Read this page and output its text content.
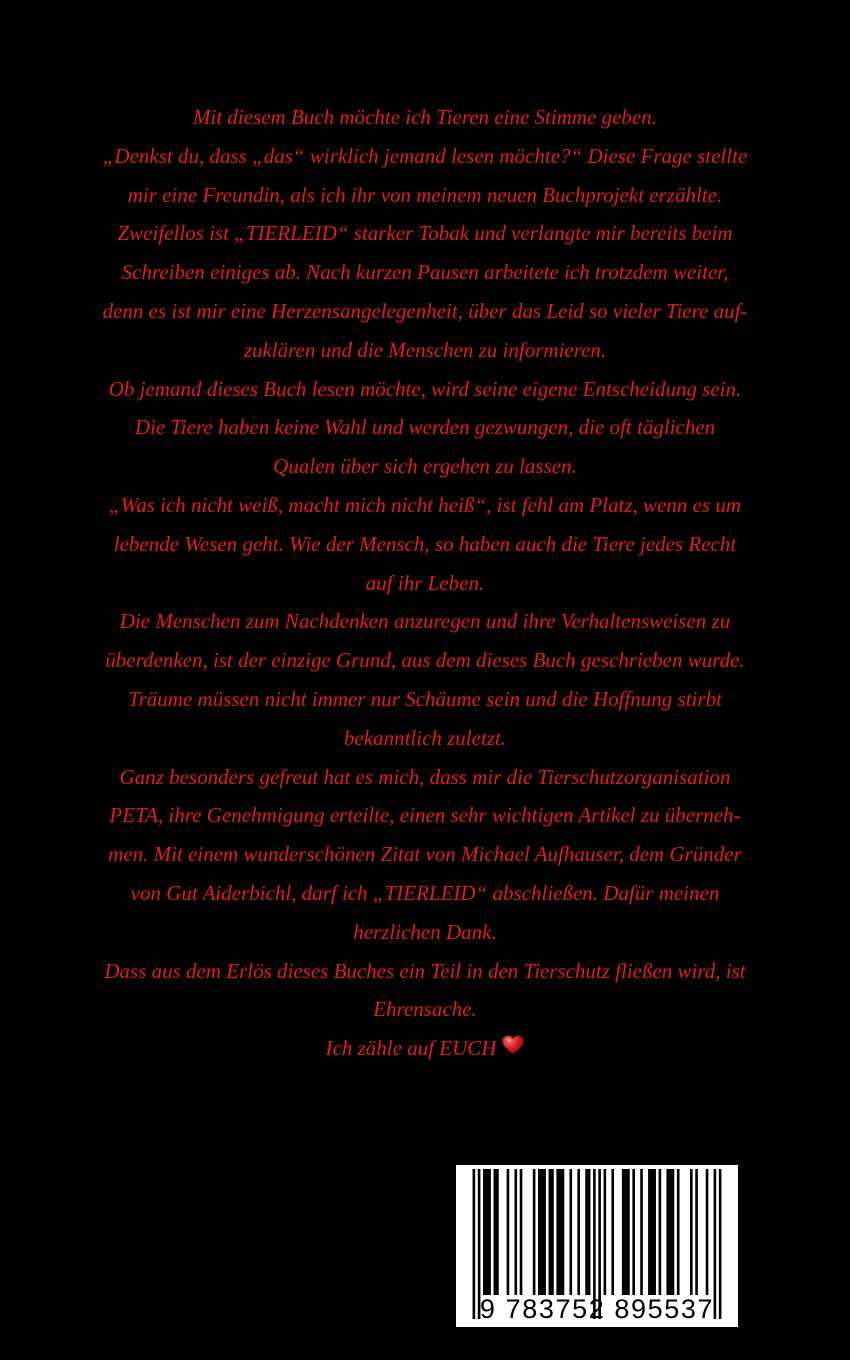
Mit diesem Buch möchte ich Tieren eine Stimme geben.
„Denkst du, dass „das“ wirklich jemand lesen möchte?“ Diese Frage stellte
mir eine Freundin, als ich ihr von meinem neuen Buchprojekt erzählte.
Zweifellos ist „TIERLEID“ starker Tobak und verlangte mir bereits beim
Schreiben einiges ab. Nach kurzen Pausen arbeitete ich trotzdem weiter,
denn es ist mir eine Herzensangelegenheit, über das Leid so vieler Tiere auf-
zuklären und die Menschen zu informieren.
Ob jemand dieses Buch lesen möchte, wird seine eigene Entscheidung sein.
Die Tiere haben keine Wahl und werden gezwungen, die oft täglichen
Qualen über sich ergehen zu lassen.
„Was ich nicht weiß, macht mich nicht heiß“, ist fehl am Platz, wenn es um
lebende Wesen geht. Wie der Mensch, so haben auch die Tiere jedes Recht
auf ihr Leben.
Die Menschen zum Nachdenken anzuregen und ihre Verhaltensweisen zu
überdenken, ist der einzige Grund, aus dem dieses Buch geschrieben wurde.
Träume müssen nicht immer nur Schäume sein und die Hoffnung stirbt
bekanntlich zuletzt.
Ganz besonders gefreut hat es mich, dass mir die Tierschutzorganisation
PETA, ihre Genehmigung erteilte, einen sehr wichtigen Artikel zu überneh-
men. Mit einem wunderschönen Zitat von Michael Aufhauser, dem Gründer
von Gut Aiderbichl, darf ich „TIERLEID“ abschließen. Dafür meinen
herzlichen Dank.
Dass aus dem Erlös dieses Buches ein Teil in den Tierschutz fließen wird, ist
Ehrensache.
Ich zähle auf EUCH
9 783752 895537
